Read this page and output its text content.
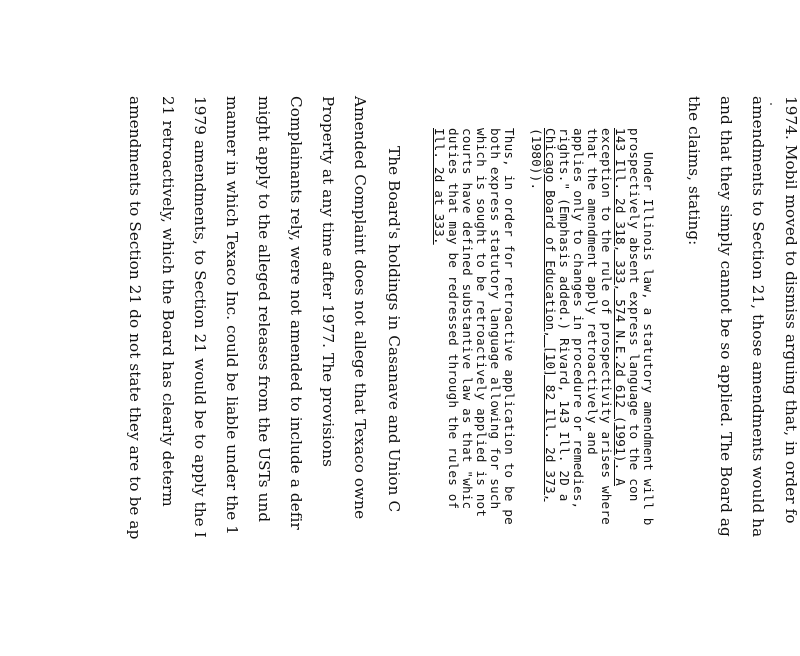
1974. Mobil moved to dismiss arguing that, in order fo
amendments to Section 21, those amendments would ha
and that they simply cannot be so applied. The Board ag
the claims, stating:
Under Illinois law, a statutory amendment will b
prospectively absent express language to the con
143 Ill. 2d 318, 333, 574 N.E.2d 612 (1991). A
exception to the rule of prospectivity arises where
that the amendment apply retroactively and
applies only to changes in procedure or remedies,
rights." (Emphasis added.) Rivard, 143 Ill. 2D a
Chicago Board of Education, [10] 82 Ill. 2d 373,
(1980)).
Thus, in order for retroactive application to be pe
both express statutory language allowing for such
which is sought to be retroactively applied is not
courts have defined substantive law as that "whic
duties that may be redressed through the rules of
Ill. 2d at 333.
The Board's holdings in Casanave and Union C
Amended Complaint does not allege that Texaco owne
Property at any time after 1977. The provisions
Complainants rely, were not amended to include a defir
might apply to the alleged releases from the USTs und
manner in which Texaco Inc. could be liable under the 1
1979 amendments, to Section 21 would be to apply the I
21 retroactively, which the Board has clearly determ
amendments to Section 21 do not state they are to be ap
